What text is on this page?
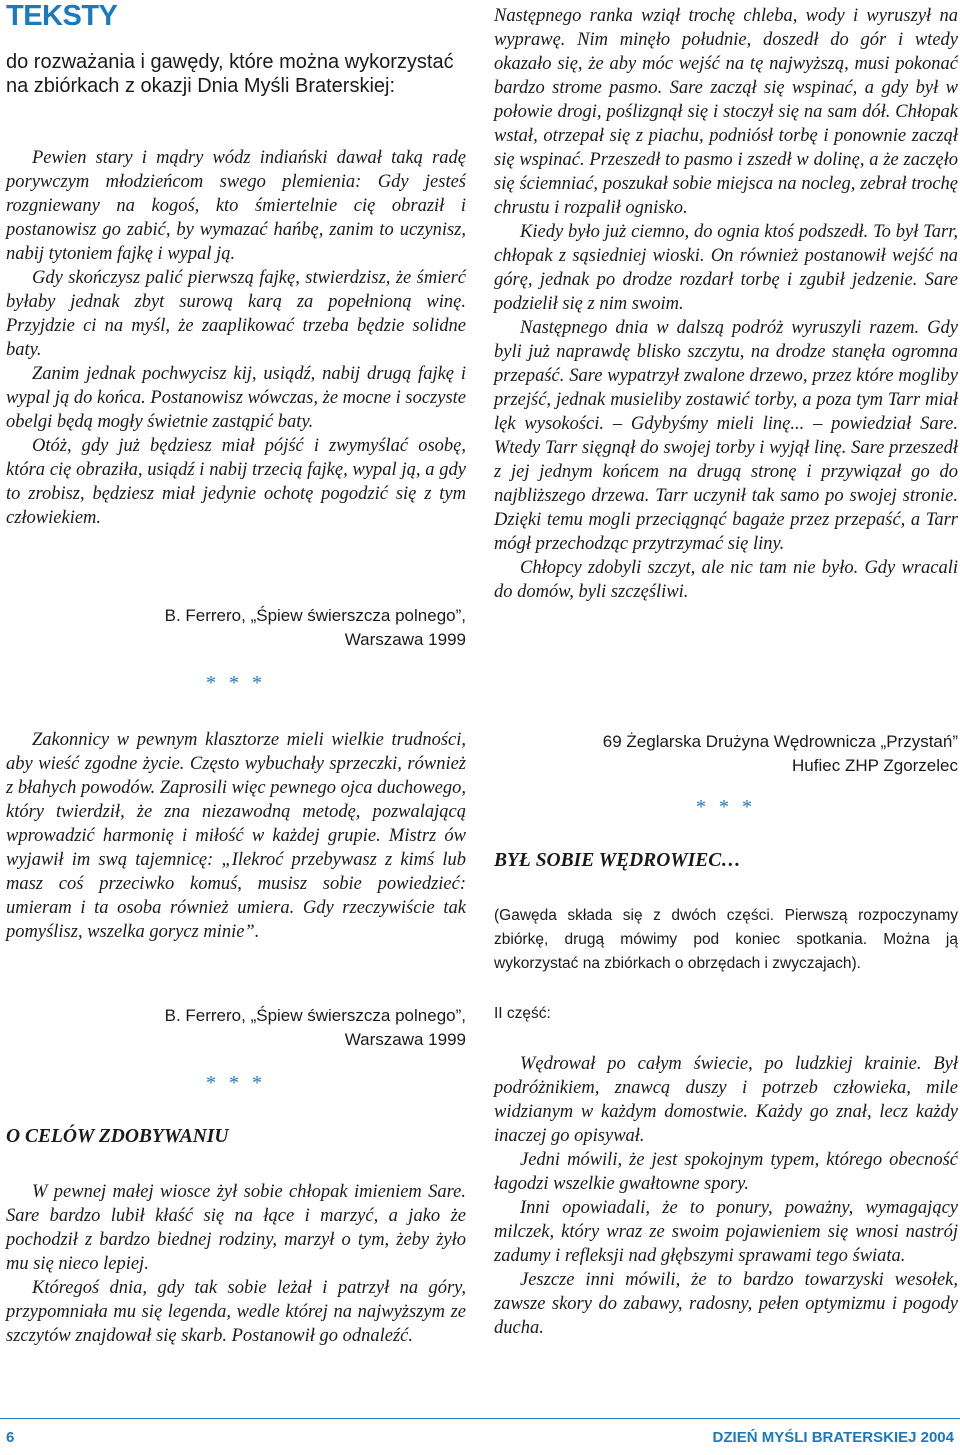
TEKSTY

do rozważania i gawędy, które można wykorzystać na zbiórkach z okazji Dnia Myśli Braterskiej:

Pewien stary i mądry wódz indiański dawał taką radę porywczym młodzieńcom swego plemienia: Gdy jesteś rozgniewany na kogoś, kto śmiertelnie cię obraził i postanowisz go zabić, by wymazać hańbę, zanim to uczynisz, nabij tytoniem fajkę i wypal ją.

Gdy skończysz palić pierwszą fajkę, stwierdzisz, że śmierć byłaby jednak zbyt surową karą za popełnioną winę. Przyjdzie ci na myśl, że zaaplikować trzeba będzie solidne baty.

Zanim jednak pochwycisz kij, usiądź, nabij drugą fajkę i wypal ją do końca. Postanowisz wówczas, że mocne i soczyste obelgi będą mogły świetnie zastąpić baty.

Otóż, gdy już będziesz miał pójść i zwymyślać osobę, która cię obraziła, usiądź i nabij trzecią fajkę, wypal ją, a gdy to zrobisz, będziesz miał jedynie ochotę pogodzić się z tym człowiekiem.

B. Ferrero, „Śpiew świerszcza polnego”,
Warszawa 1999

* * *

Zakonnicy w pewnym klasztorze mieli wielkie trudności, aby wieść zgodne życie. Często wybuchały sprzeczki, również z błahych powodów. Zaprosili więc pewnego ojca duchowego, który twierdził, że zna niezawodną metodę, pozwalającą wprowadzić harmonię i miłość w każdej grupie. Mistrz ów wyjawił im swą tajemnicę: „Ilekroć przebywasz z kimś lub masz coś przeciwko komuś, musisz sobie powiedzieć: umieram i ta osoba również umiera. Gdy rzeczywiście tak pomyślisz, wszelka gorycz minie”.

B. Ferrero, „Śpiew świerszcza polnego”,
Warszawa 1999

* * *

O CELÓW ZDOBYWANIU

W pewnej małej wiosce żył sobie chłopak imieniem Sare. Sare bardzo lubił kłaść się na łące i marzyć, a jako że pochodził z bardzo biednej rodziny, marzył o tym, żeby żyło mu się nieco lepiej.

Któregoś dnia, gdy tak sobie leżał i patrzył na góry, przypomniała mu się legenda, wedle której na najwyższym ze szczytów znajdował się skarb. Postanowił go odnaleźć.

Następnego ranka wziął trochę chleba, wody i wyruszył na wyprawę. Nim minęło południe, doszedł do gór i wtedy okazało się, że aby móc wejść na tę najwyższą, musi pokonać bardzo strome pasmo. Sare zaczął się wspinać, a gdy był w połowie drogi, poślizgnął się i stoczył się na sam dół. Chłopak wstał, otrzepał się z piachu, podniósł torbę i ponownie zaczął się wspinać. Przeszedł to pasmo i zszedł w dolinę, a że zaczęło się ściemniać, poszukał sobie miejsca na nocleg, zebrał trochę chrustu i rozpalił ognisko.

Kiedy było już ciemno, do ognia ktoś podszedł. To był Tarr, chłopak z sąsiedniej wioski. On również postanowił wejść na górę, jednak po drodze rozdarł torbę i zgubił jedzenie. Sare podzielił się z nim swoim.

Następnego dnia w dalszą podróż wyruszyli razem. Gdy byli już naprawdę blisko szczytu, na drodze stanęła ogromna przepaść. Sare wypatrzył zwalone drzewo, przez które mogliby przejść, jednak musieliby zostawić torby, a poza tym Tarr miał lęk wysokości. – Gdybyśmy mieli linę... – powiedział Sare. Wtedy Tarr sięgnął do swojej torby i wyjął linę. Sare przeszedł z jej jednym końcem na drugą stronę i przywiązał go do najbliższego drzewa. Tarr uczynił tak samo po swojej stronie. Dzięki temu mogli przeciągnąć bagaże przez przepaść, a Tarr mógł przechodząc przytrzymać się liny.

Chłopcy zdobyli szczyt, ale nic tam nie było. Gdy wracali do domów, byli szczęśliwi.

69 Żeglarska Drużyna Wędrownicza „Przystań”
Hufiec ZHP Zgorzelec

* * *

BYŁ SOBIE WĘDROWIEC…

(Gawęda składa się z dwóch części. Pierwszą rozpoczynamy zbiórkę, drugą mówimy pod koniec spotkania. Można ją wykorzystać na zbiórkach o obrzędach i zwyczajach).

II część:

Wędrował po całym świecie, po ludzkiej krainie. Był podróżnikiem, znawcą duszy i potrzeb człowieka, mile widzianym w każdym domostwie. Każdy go znał, lecz każdy inaczej go opisywał.

Jedni mówili, że jest spokojnym typem, którego obecność łagodzi wszelkie gwałtowne spory.

Inni opowiadali, że to ponury, poważny, wymagający milczek, który wraz ze swoim pojawieniem się wnosi nastrój zadumy i refleksji nad głębszymi sprawami tego świata.

Jeszcze inni mówili, że to bardzo towarzyski wesołek, zawsze skory do zabawy, radosny, pełen optymizmu i pogody ducha.

6	DZIEŃ MYŚLI BRATERSKIEJ 2004
